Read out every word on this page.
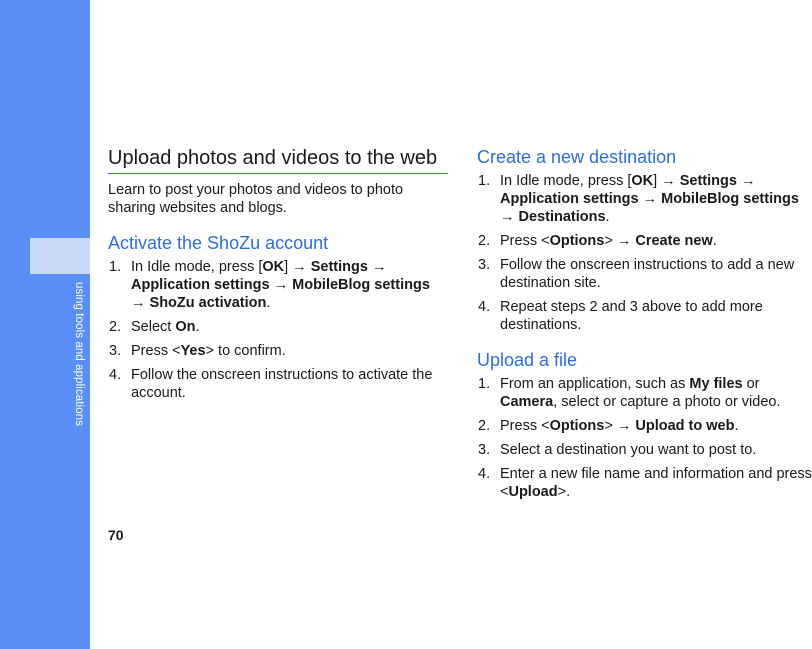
using tools and applications
70
Upload photos and videos to the web

Learn to post your photos and videos to photo sharing websites and blogs.

Activate the ShoZu account
1. In Idle mode, press [OK] → Settings → Application settings → MobileBlog settings → ShoZu activation.
2. Select On.
3. Press <Yes> to confirm.
4. Follow the onscreen instructions to activate the account.
Create a new destination
1. In Idle mode, press [OK] → Settings → Application settings → MobileBlog settings → Destinations.
2. Press <Options> → Create new.
3. Follow the onscreen instructions to add a new destination site.
4. Repeat steps 2 and 3 above to add more destinations.
Upload a file
1. From an application, such as My files or Camera, select or capture a photo or video.
2. Press <Options> → Upload to web.
3. Select a destination you want to post to.
4. Enter a new file name and information and press <Upload>.
